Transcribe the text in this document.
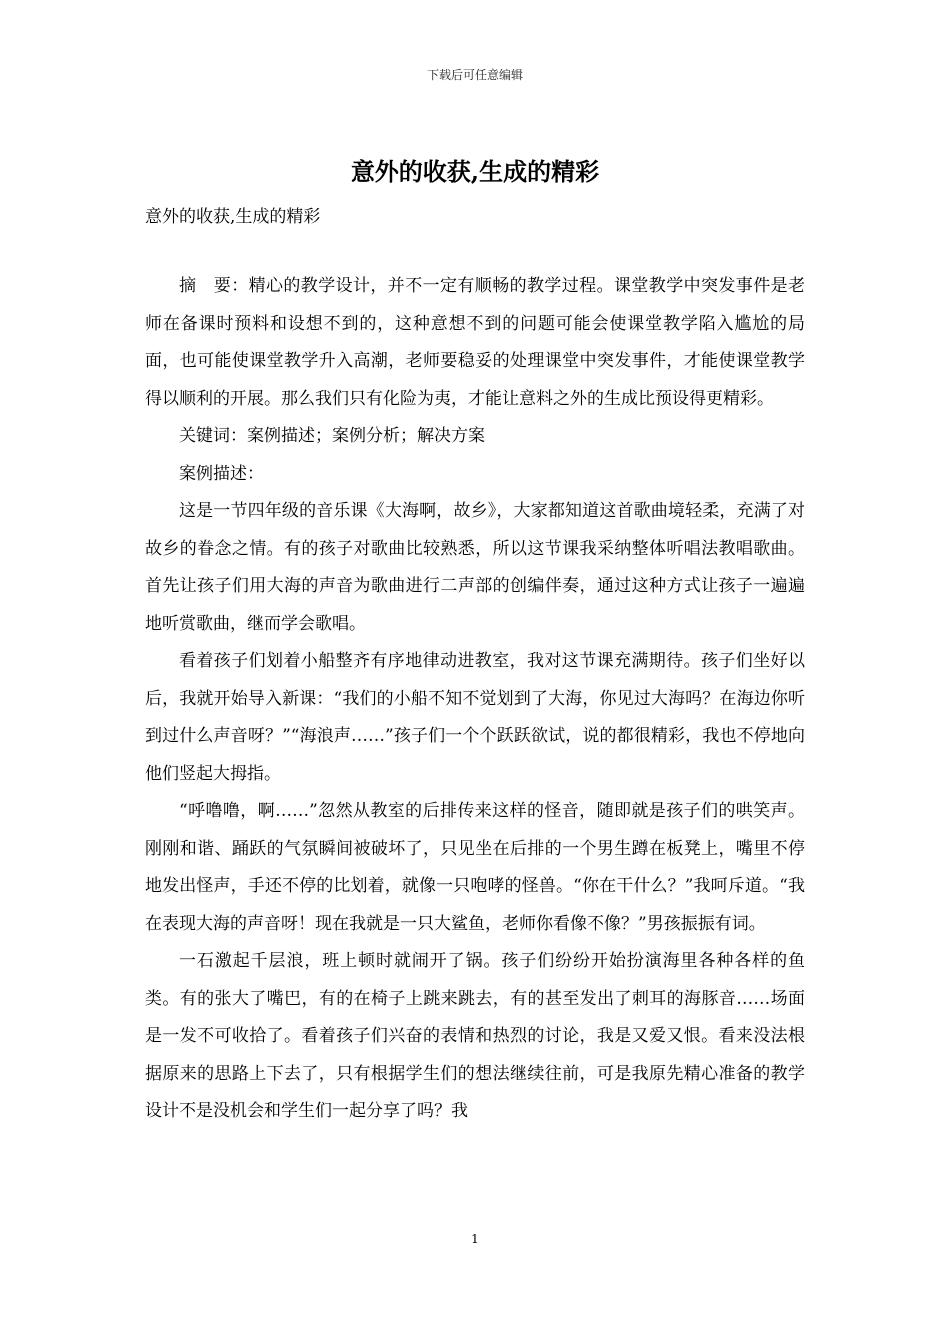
下载后可任意编辑
意外的收获,生成的精彩
意外的收获,生成的精彩

摘　要：精心的教学设计，并不一定有顺畅的教学过程。课堂教学中突发事件是老师在备课时预料和设想不到的，这种意想不到的问题可能会使课堂教学陷入尴尬的局面，也可能使课堂教学升入高潮，老师要稳妥的处理课堂中突发事件，才能使课堂教学得以顺利的开展。那么我们只有化险为夷，才能让意料之外的生成比预设得更精彩。

关键词：案例描述；案例分析；解决方案

案例描述：

这是一节四年级的音乐课《大海啊，故乡》，大家都知道这首歌曲境轻柔，充满了对故乡的眷念之情。有的孩子对歌曲比较熟悉，所以这节课我采纳整体听唱法教唱歌曲。首先让孩子们用大海的声音为歌曲进行二声部的创编伴奏，通过这种方式让孩子一遍遍地听赏歌曲，继而学会歌唱。

看着孩子们划着小船整齐有序地律动进教室，我对这节课充满期待。孩子们坐好以后，我就开始导入新课：“我们的小船不知不觉划到了大海，你见过大海吗？在海边你听到过什么声音呀？”“海浪声……”孩子们一个个跃跃欲试，说的都很精彩，我也不停地向他们竖起大拇指。

“呼噜噜，啊……”忽然从教室的后排传来这样的怪音，随即就是孩子们的哄笑声。刚刚和谐、踊跃的气氛瞬间被破坏了，只见坐在后排的一个男生蹲在板凳上，嘴里不停地发出怪声，手还不停的比划着，就像一只咆哮的怪兽。“你在干什么？”我呵斥道。“我在表现大海的声音呀！现在我就是一只大鲨鱼，老师你看像不像？”男孩振振有词。

一石激起千层浪，班上顿时就闹开了锅。孩子们纷纷开始扮演海里各种各样的鱼类。有的张大了嘴巴，有的在椅子上跳来跳去，有的甚至发出了刺耳的海豚音……场面是一发不可收拾了。看着孩子们兴奋的表情和热烈的讨论，我是又爱又恨。看来没法根据原来的思路上下去了，只有根据学生们的想法继续往前，可是我原先精心准备的教学设计不是没机会和学生们一起分享了吗？我

1
